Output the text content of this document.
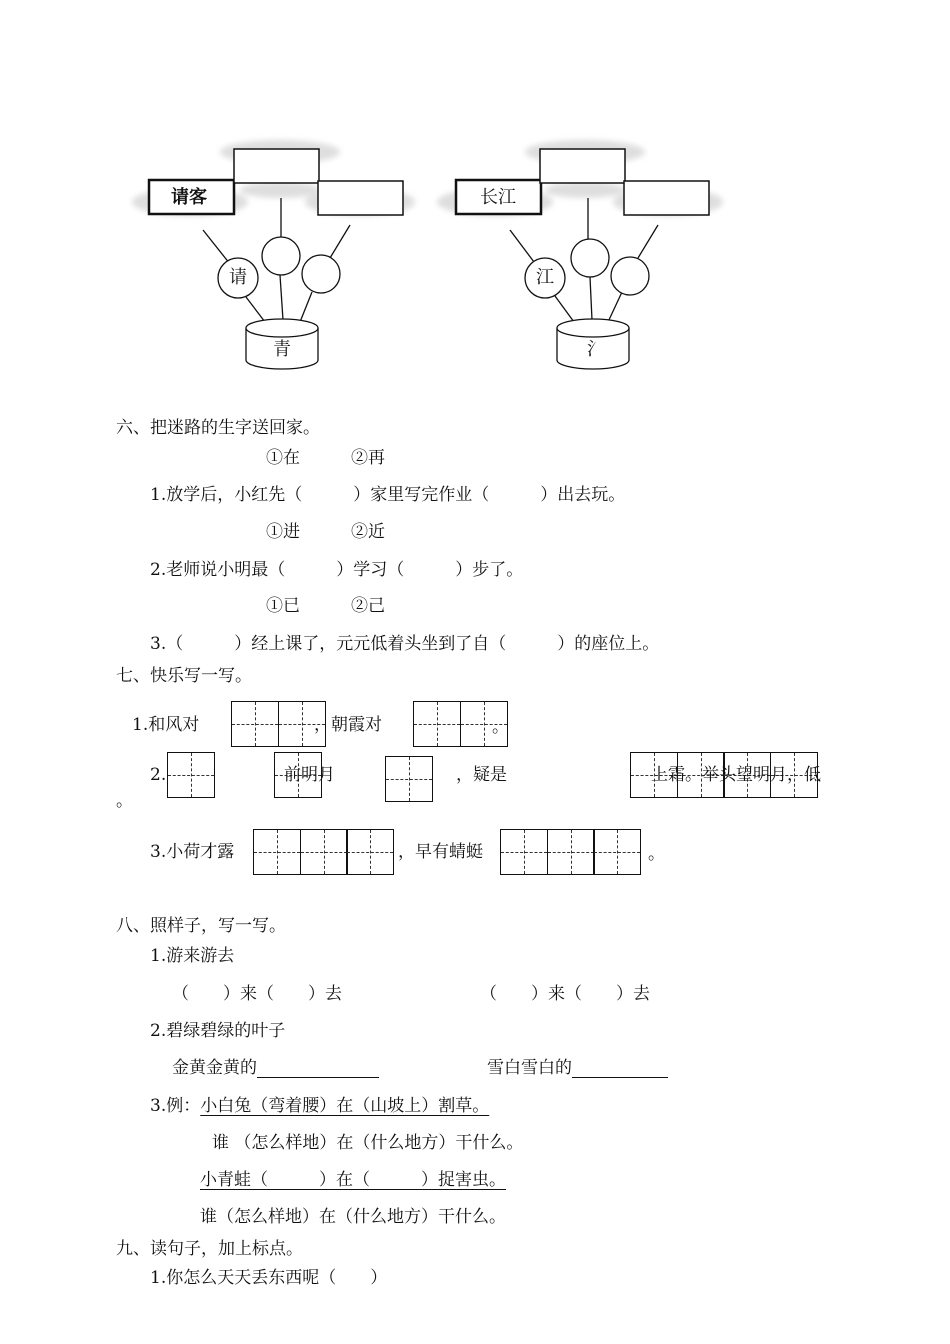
请客
请
青
长江
江
氵
六、把迷路的生字送回家。
①在　　　②再
1.放学后，小红先（　　　）家里写完作业（　　　）出去玩。
①进　　　②近
2.老师说小明最（　　　）学习（　　　）步了。
①已　　　②己
3.（　　　）经上课了，元元低着头坐到了自（　　　）的座位上。
七、快乐写一写。
1.和风对	，朝霞对	。
2.	前明月	，疑是	上霜。举头望明月，低
。
3.小荷才露	，早有蜻蜓	。
八、照样子，写一写。
1.游来游去
（　　）来（　　）去	（　　）来（　　）去
2.碧绿碧绿的叶子
金黄金黄的	雪白雪白的
3.例：小白兔（弯着腰）在（山坡上）割草。
谁 （怎么样地）在（什么地方）干什么。
小青蛙（　　　）在（　　　）捉害虫。
谁（怎么样地）在（什么地方）干什么。
九、读句子，加上标点。
1.你怎么天天丢东西呢（　　）
